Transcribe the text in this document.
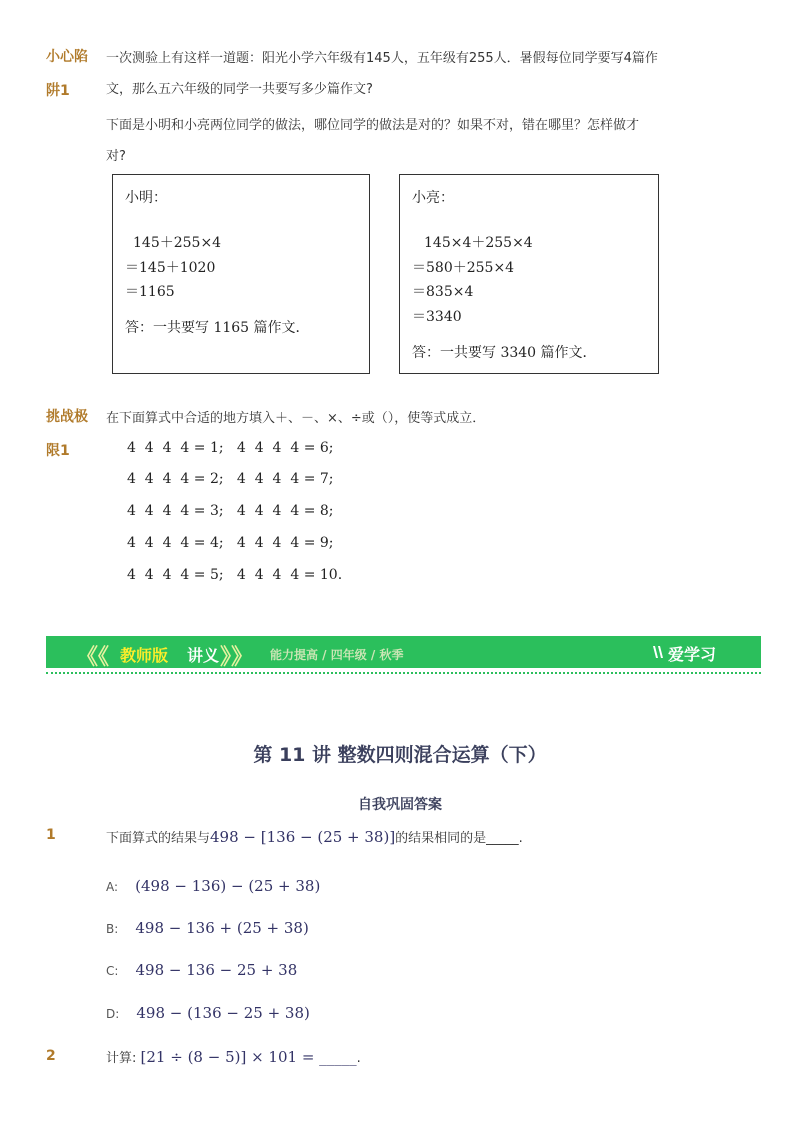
小心陷
阱1
一次测验上有这样一道题：阳光小学六年级有145人，五年级有255人．暑假每位同学要写4篇作
文，那么五六年级的同学一共要写多少篇作文?
下面是小明和小亮两位同学的做法，哪位同学的做法是对的？如果不对，错在哪里？怎样做才
对?
小明：
145＋255×4
＝145＋1020
＝1165
答：一共要写 1165 篇作文．
小亮：
145×4＋255×4
＝580＋255×4
＝835×4
＝3340
答：一共要写 3340 篇作文．
挑战极
限1
在下面算式中合适的地方填入＋、－、×、÷或（），使等式成立．
4  4  4  4 = 1;   4  4  4  4 = 6;
4  4  4  4 = 2;   4  4  4  4 = 7;
4  4  4  4 = 3;   4  4  4  4 = 8;
4  4  4  4 = 4;   4  4  4  4 = 9;
4  4  4  4 = 5;   4  4  4  4 = 10.
《《 教师版 讲义 》》 能力提高 / 四年级 / 秋季	爱学习
第 11 讲 整数四则混合运算（下）
自我巩固答案
1	下面算式的结果与498 − [136 − (25 + 38)]的结果相同的是_____.
A: (498 − 136) − (25 + 38)
B: 498 − 136 + (25 + 38)
C: 498 − 136 − 25 + 38
D: 498 − (136 − 25 + 38)
2	计算: [21 ÷ (8 − 5)] × 101 = _____.
